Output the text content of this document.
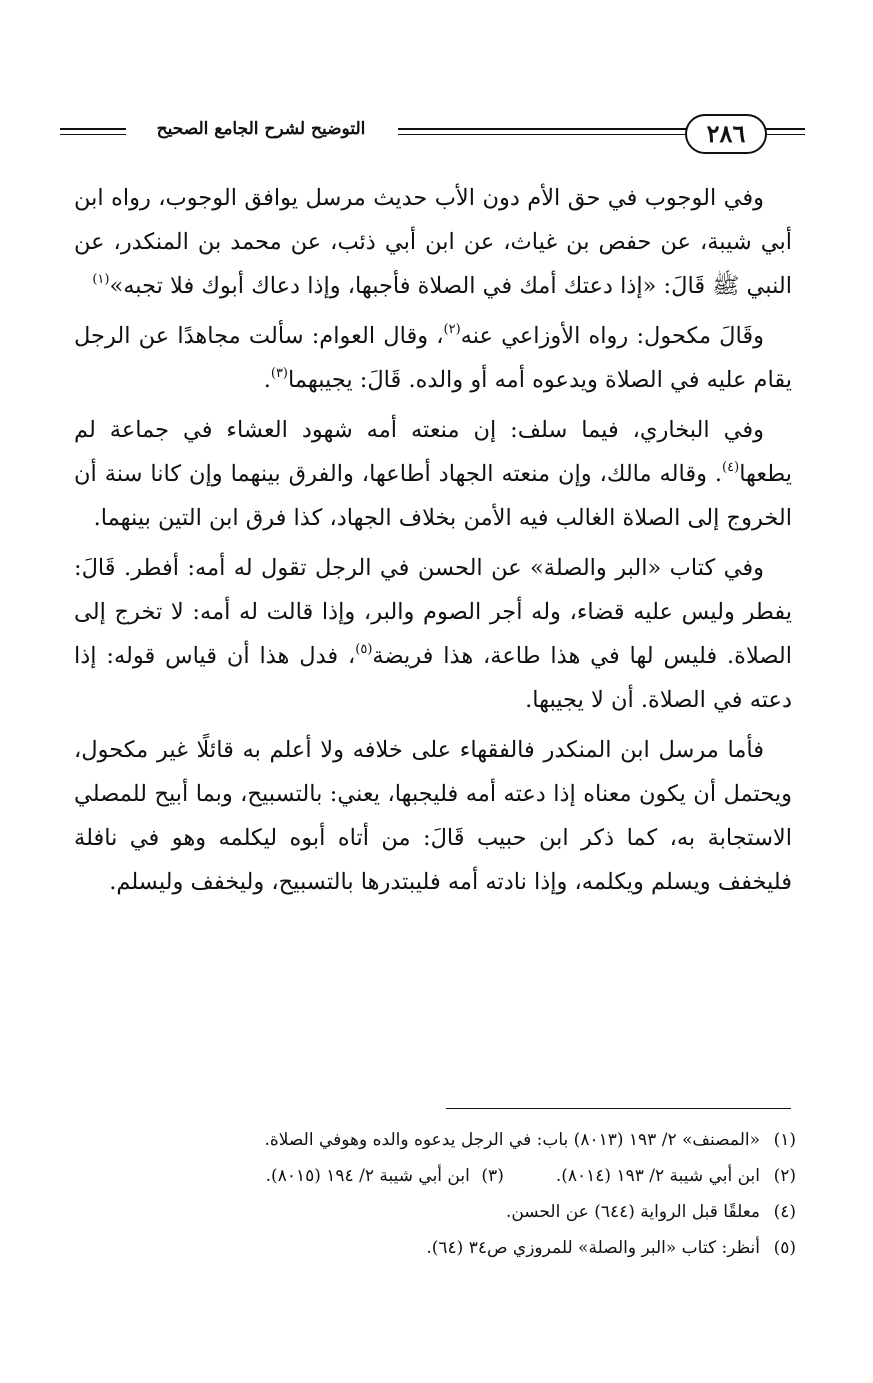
التوضيح لشرح الجامع الصحيح	٢٨٦

وفي الوجوب في حق الأم دون الأب حديث مرسل يوافق الوجوب، رواه ابن أبي شيبة، عن حفص بن غياث، عن ابن أبي ذئب، عن محمد بن المنكدر، عن النبي ﷺ قَالَ: «إذا دعتك أمك في الصلاة فأجبها، وإذا دعاك أبوك فلا تجبه»$^{(١)}$

وقَالَ مكحول: رواه الأوزاعي عنه$^{(٢)}$، وقال العوام: سألت مجاهدًا عن الرجل يقام عليه في الصلاة ويدعوه أمه أو والده. قَالَ: يجيبهما$^{(٣)}$.

وفي البخاري، فيما سلف: إن منعته أمه شهود العشاء في جماعة لم يطعها$^{(٤)}$. وقاله مالك، وإن منعته الجهاد أطاعها، والفرق بينهما وإن كانا سنة أن الخروج إلى الصلاة الغالب فيه الأمن بخلاف الجهاد، كذا فرق ابن التين بينهما.

وفي كتاب «البر والصلة» عن الحسن في الرجل تقول له أمه: أفطر. قَالَ: يفطر وليس عليه قضاء، وله أجر الصوم والبر، وإذا قالت له أمه: لا تخرج إلى الصلاة. فليس لها في هذا طاعة، هذا فريضة$^{(٥)}$، فدل هذا أن قياس قوله: إذا دعته في الصلاة. أن لا يجيبها.

فأما مرسل ابن المنكدر فالفقهاء على خلافه ولا أعلم به قائلًا غير مكحول، ويحتمل أن يكون معناه إذا دعته أمه فليجبها، يعني: بالتسبيح، وبما أبيح للمصلي الاستجابة به، كما ذكر ابن حبيب قَالَ: من أتاه أبوه ليكلمه وهو في نافلة فليخفف ويسلم ويكلمه، وإذا نادته أمه فليبتدرها بالتسبيح، وليخفف وليسلم.

(١)
«المصنف» ٢/ ١٩٣ (٨٠١٣) باب: في الرجل يدعوه والده وهوفي الصلاة.
(٢)
ابن أبي شيبة ٢/ ١٩٣ (٨٠١٤).
(٣)
ابن أبي شيبة ٢/ ١٩٤ (٨٠١٥).
(٤)
معلقًا قبل الرواية (٦٤٤) عن الحسن.
(٥)
أنظر: كتاب «البر والصلة» للمروزي ص٣٤ (٦٤).
